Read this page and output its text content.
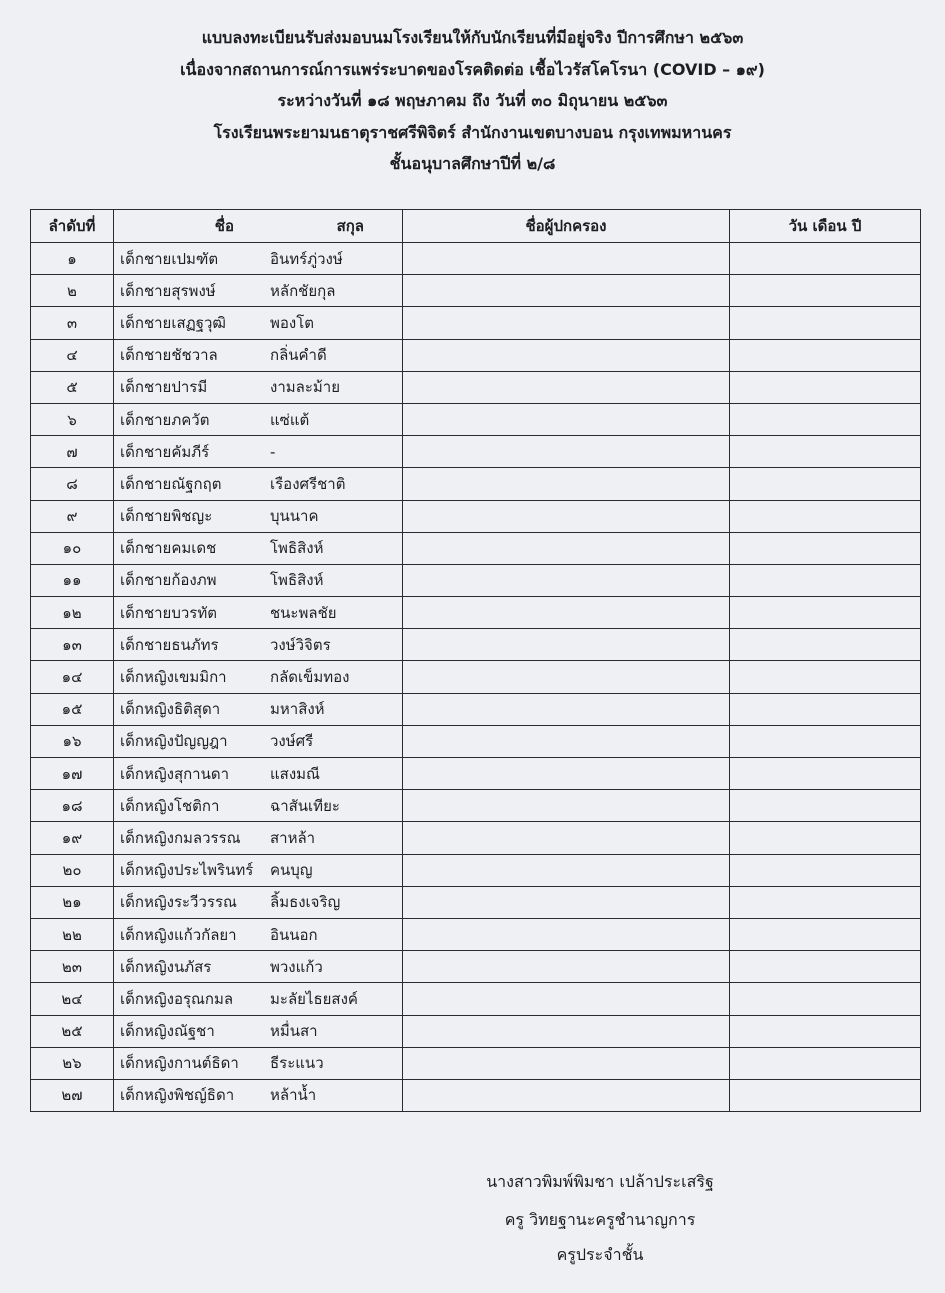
แบบลงทะเบียนรับส่งมอบนมโรงเรียนให้กับนักเรียนที่มีอยู่จริง ปีการศึกษา ๒๕๖๓
เนื่องจากสถานการณ์การแพร่ระบาดของโรคติดต่อ เชื้อไวรัสโคโรนา (COVID – ๑๙)
ระหว่างวันที่ ๑๘ พฤษภาคม ถึง วันที่ ๓๐ มิถุนายน ๒๕๖๓
โรงเรียนพระยามนธาตุราชศรีพิจิตร์ สำนักงานเขตบางบอน กรุงเทพมหานคร
ชั้นอนุบาลศึกษาปีที่ ๒/๘
ลำดับที่	ชื่อ สกุล	ชื่อผู้ปกครอง	วัน เดือน ปี
๑	เด็กชายเปมฑัต อินทร์ภู่วงษ์		
๒	เด็กชายสุรพงษ์ หลักชัยกุล		
๓	เด็กชายเสฏฐวุฒิ พองโต		
๔	เด็กชายชัชวาล กลิ่นคำดี		
๕	เด็กชายปารมี งามละม้าย		
๖	เด็กชายภควัต แซ่แต้		
๗	เด็กชายคัมภีร์ -		
๘	เด็กชายณัฐกฤต เรืองศรีชาติ		
๙	เด็กชายพิชญะ บุนนาค		
๑๐	เด็กชายคมเดช โพธิสิงห์		
๑๑	เด็กชายก้องภพ โพธิสิงห์		
๑๒	เด็กชายบวรทัต ชนะพลชัย		
๑๓	เด็กชายธนภัทร วงษ์วิจิตร		
๑๔	เด็กหญิงเขมมิกา กลัดเข็มทอง		
๑๕	เด็กหญิงธิติสุดา มหาสิงห์		
๑๖	เด็กหญิงปัญญฎา วงษ์ศรี		
๑๗	เด็กหญิงสุกานดา แสงมณี		
๑๘	เด็กหญิงโชติกา ฉาสันเทียะ		
๑๙	เด็กหญิงกมลวรรณ สาหล้า		
๒๐	เด็กหญิงประไพรินทร์ คนบุญ		
๒๑	เด็กหญิงระวีวรรณ ลิ้มธงเจริญ		
๒๒	เด็กหญิงแก้วกัลยา อินนอก		
๒๓	เด็กหญิงนภัสร พวงแก้ว		
๒๔	เด็กหญิงอรุณกมล มะลัยไธยสงค์		
๒๕	เด็กหญิงณัฐชา หมื่นสา		
๒๖	เด็กหญิงกานต์ธิดา ธีระแนว		
๒๗	เด็กหญิงพิชญ์ธิดา หล้าน้ำ		
นางสาวพิมพ์พิมชา เปล้าประเสริฐ
ครู วิทยฐานะครูชำนาญการ
ครูประจำชั้น
